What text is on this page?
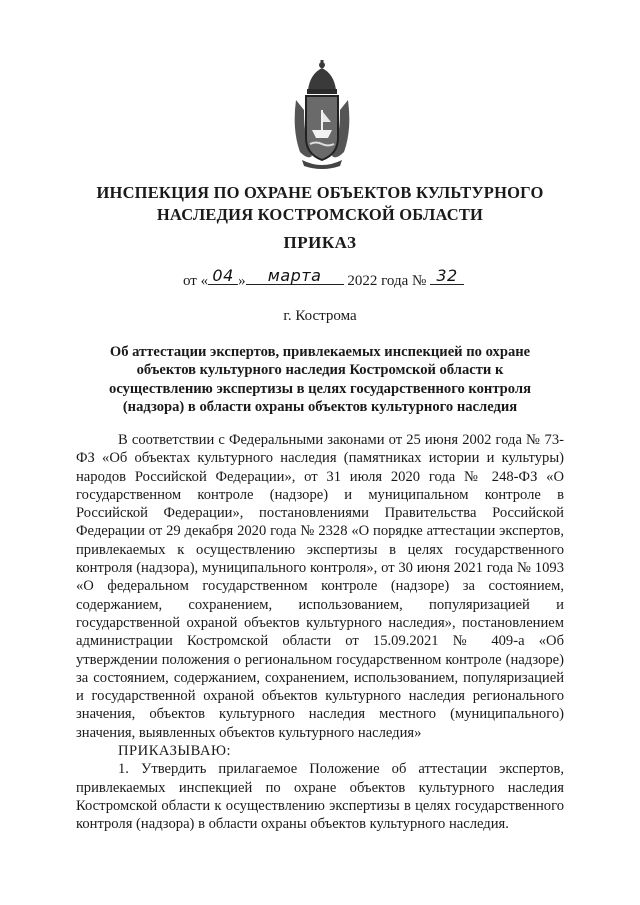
ИНСПЕКЦИЯ ПО ОХРАНЕ ОБЪЕКТОВ КУЛЬТУРНОГО
НАСЛЕДИЯ КОСТРОМСКОЙ ОБЛАСТИ
ПРИКАЗ
от « 04 »	марта	2022 года № 32
г. Кострома
Об аттестации экспертов, привлекаемых инспекцией по охране объектов культурного наследия Костромской области к осуществлению экспертизы в целях государственного контроля (надзора) в области охраны объектов культурного наследия

В соответствии с Федеральными законами от 25 июня 2002 года № 73-ФЗ «Об объектах культурного наследия (памятниках истории и культуры) народов Российской Федерации», от 31 июля 2020 года № 248-ФЗ «О государственном контроле (надзоре) и муниципальном контроле в Российской Федерации», постановлениями Правительства Российской Федерации от 29 декабря 2020 года № 2328 «О порядке аттестации экспертов, привлекаемых к осуществлению экспертизы в целях государственного контроля (надзора), муниципального контроля», от 30 июня 2021 года № 1093 «О федеральном государственном контроле (надзоре) за состоянием, содержанием, сохранением, использованием, популяризацией и государственной охраной объектов культурного наследия», постановлением администрации Костромской области от 15.09.2021 № 409-а «Об утверждении положения о региональном государственном контроле (надзоре) за состоянием, содержанием, сохранением, использованием, популяризацией и государственной охраной объектов культурного наследия регионального значения, объектов культурного наследия местного (муниципального) значения, выявленных объектов культурного наследия»

ПРИКАЗЫВАЮ:

1. Утвердить прилагаемое Положение об аттестации экспертов, привлекаемых инспекцией по охране объектов культурного наследия Костромской области к осуществлению экспертизы в целях государственного контроля (надзора) в области охраны объектов культурного наследия.
